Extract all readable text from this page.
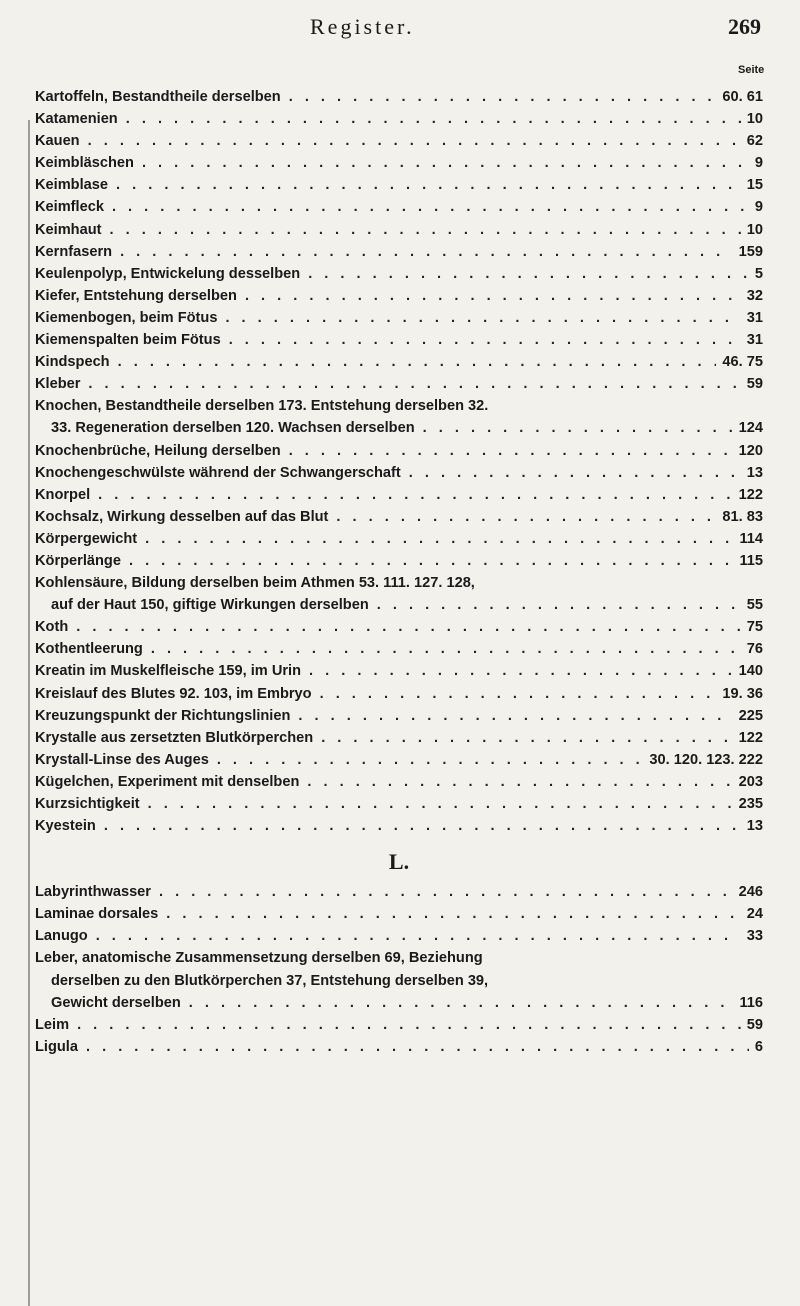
Register.	269
Seite
Kartoffeln, Bestandtheile derselben . . .	60. 61
Katamenien . . .	10
Kauen . . .	62
Keimbläschen . . .	9
Keimblase . . .	15
Keimfleck . . .	9
Keimhaut . . .	10
Kernfasern . . .	159
Keulenpolyp, Entwickelung desselben . . .	5
Kiefer, Entstehung derselben . . .	32
Kiemenbogen, beim Fötus . . .	31
Kiemenspalten beim Fötus . . .	31
Kindspech . . .	46. 75
Kleber . . .	59
Knochen, Bestandtheile derselben 173. Entstehung derselben 32.
33. Regeneration derselben 120. Wachsen derselben . . .	124
Knochenbrüche, Heilung derselben . . .	120
Knochengeschwülste während der Schwangerschaft . . .	13
Knorpel . . .	122
Kochsalz, Wirkung desselben auf das Blut . . .	81. 83
Körpergewicht . . .	114
Körperlänge . . .	115
Kohlensäure, Bildung derselben beim Athmen 53. 111. 127. 128,
auf der Haut 150, giftige Wirkungen derselben . . .	55
Koth . . .	75
Kothentleerung . . .	76
Kreatin im Muskelfleische 159, im Urin . . .	140
Kreislauf des Blutes 92. 103, im Embryo . . .	19. 36
Kreuzungspunkt der Richtungslinien . . .	225
Krystalle aus zersetzten Blutkörperchen . . .	122
Krystall-Linse des Auges . . .	30. 120. 123. 222
Kügelchen, Experiment mit denselben . . .	203
Kurzsichtigkeit . . .	235
Kyestein . . .	13
L.
Labyrinthwasser . . .	246
Laminae dorsales . . .	24
Lanugo . . .	33
Leber, anatomische Zusammensetzung derselben 69, Beziehung
derselben zu den Blutkörperchen 37, Entstehung derselben 39,
Gewicht derselben . . .	116
Leim . . .	59
Ligula . . .	6
